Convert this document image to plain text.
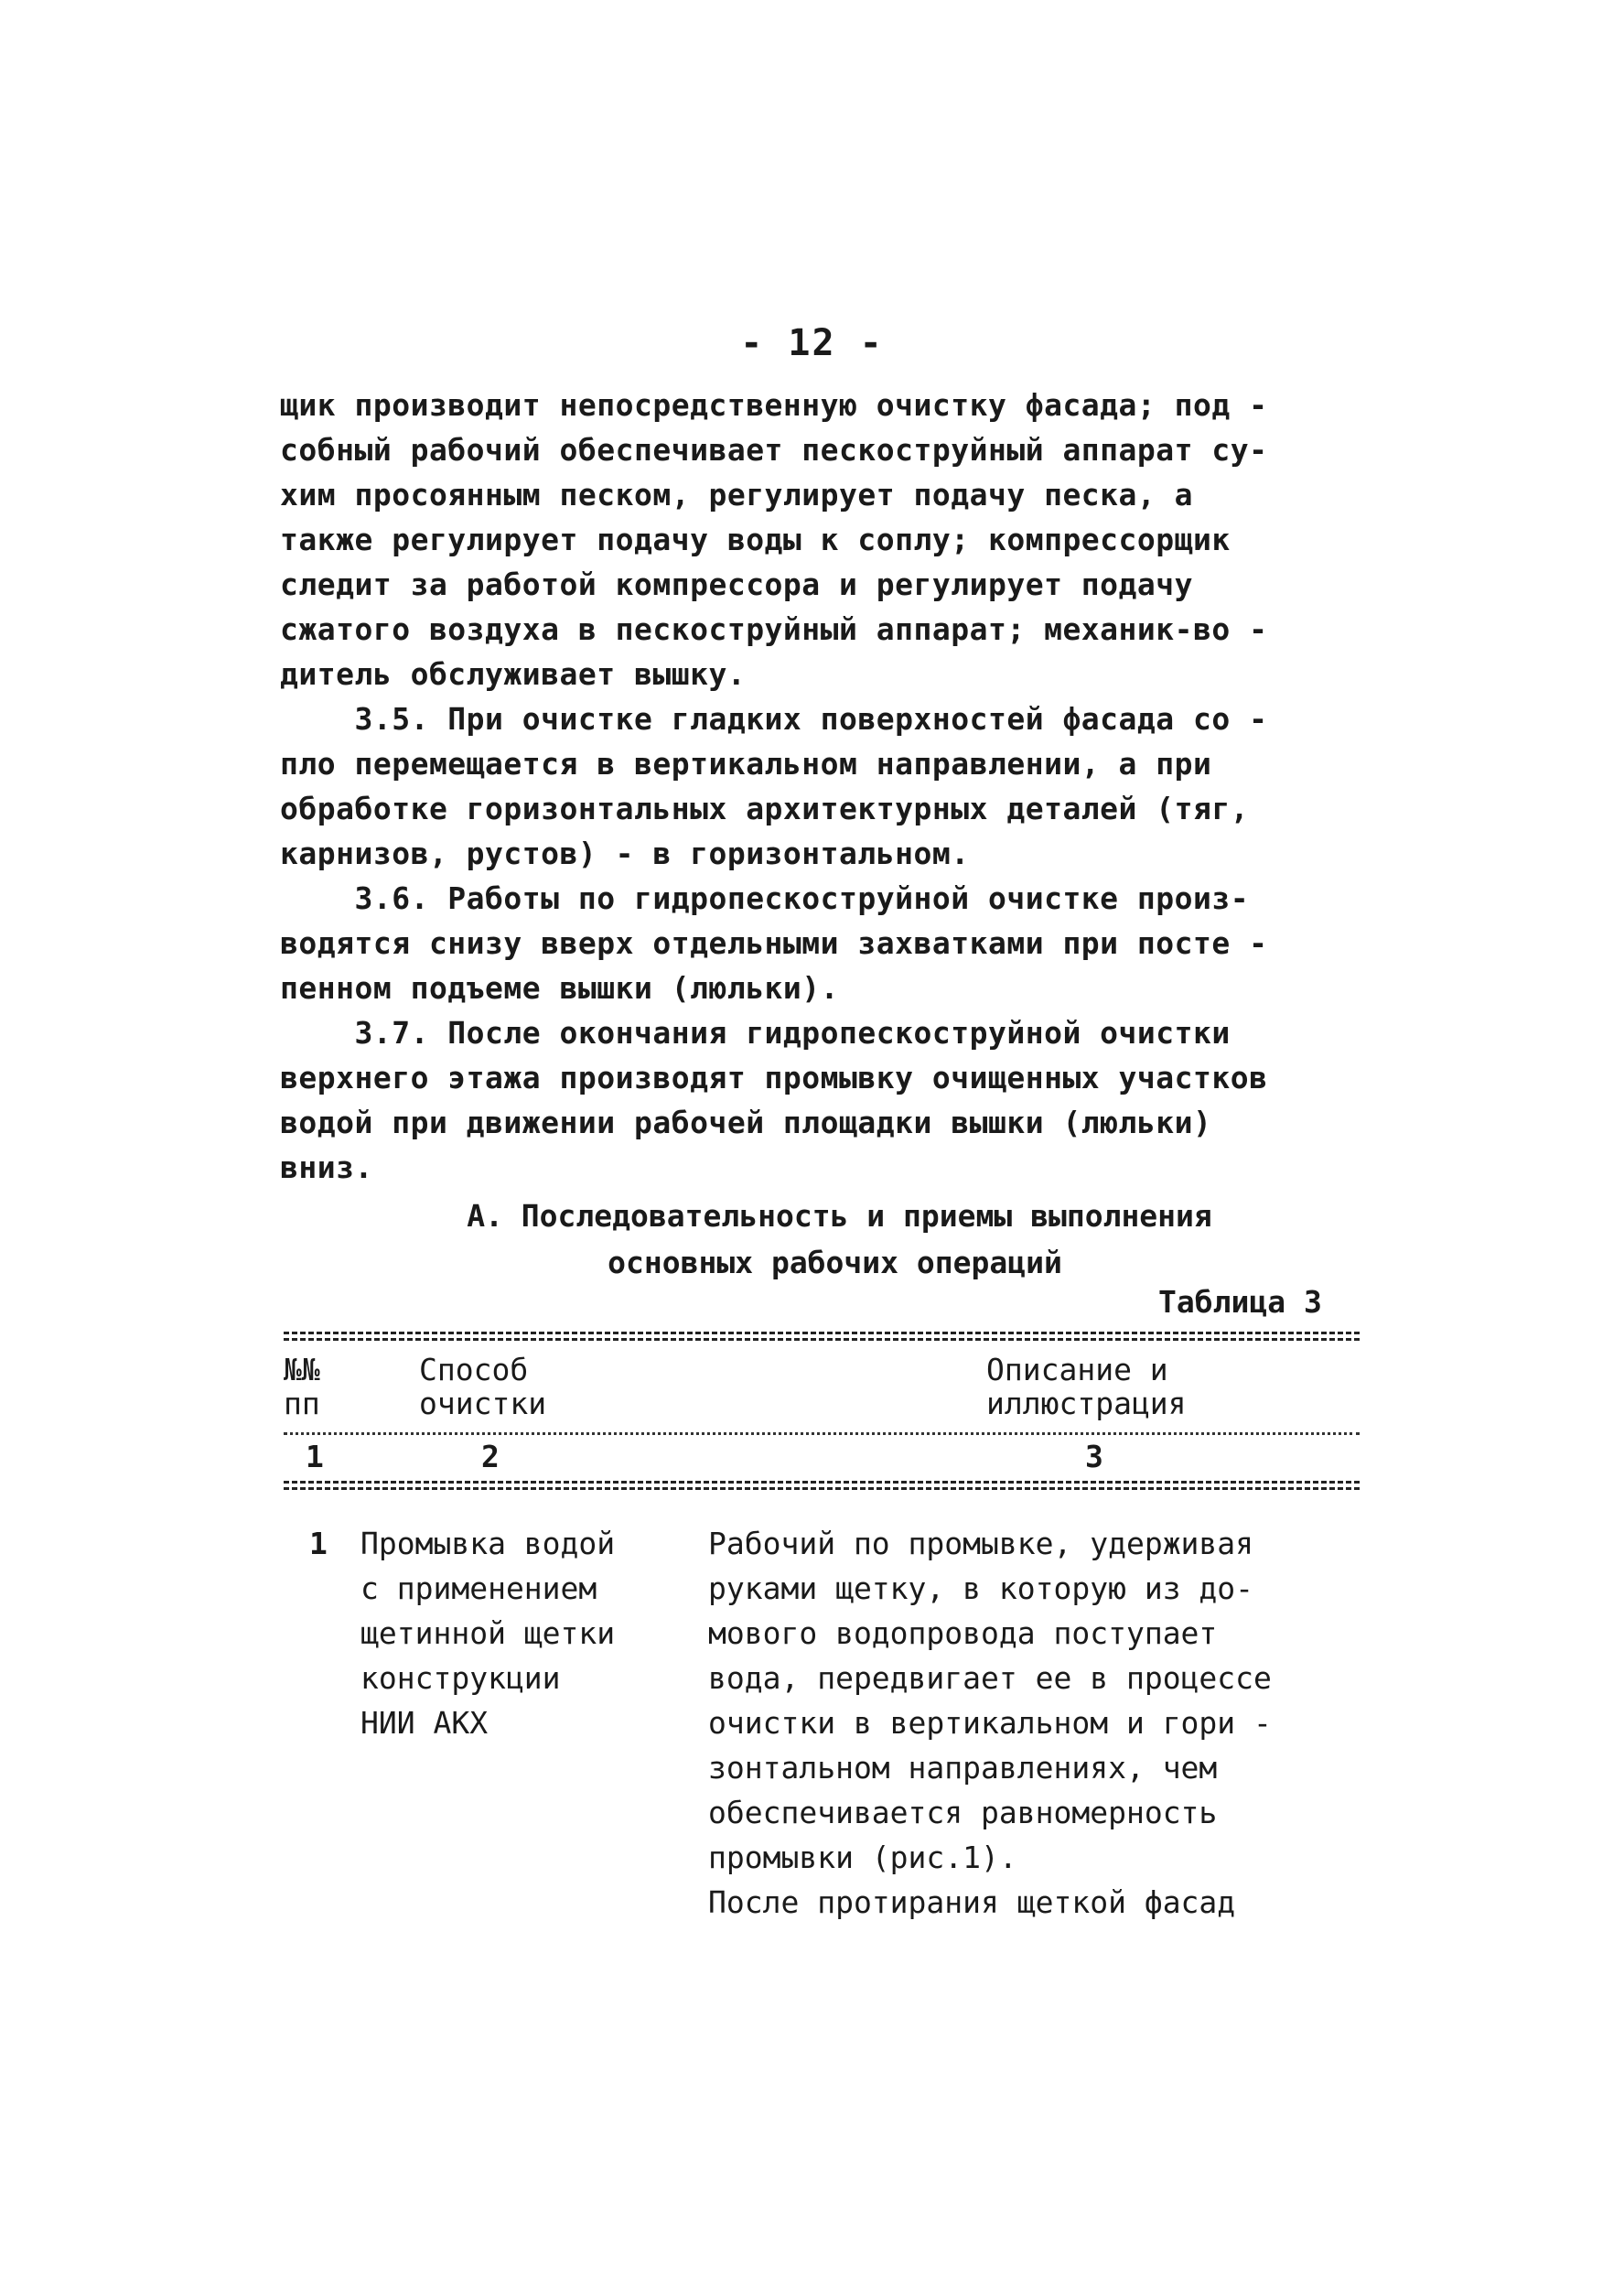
- 12 -
щик производит непосредственную очистку фасада; под -
собный рабочий обеспечивает пескоструйный аппарат су-
хим просоянным песком, регулирует подачу песка, а
также регулирует подачу воды к соплу; компрессорщик
следит за работой компрессора и регулирует подачу
сжатого воздуха в пескоструйный аппарат; механик-во -
дитель обслуживает вышку.
3.5. При очистке гладких поверхностей фасада со -
пло перемещается в вертикальном направлении, а при
обработке горизонтальных архитектурных деталей (тяг,
карнизов, рустов) - в горизонтальном.
3.6. Работы по гидропескоструйной очистке произ-
водятся снизу вверх отдельными захватками при посте -
пенном подъеме вышки (люльки).
3.7. После окончания гидропескоструйной очистки
верхнего этажа производят промывку очищенных участков
водой при движении рабочей площадки вышки (люльки)
вниз.
А. Последовательность и приемы выполнения
основных рабочих операций
Таблица 3
№№
пп
Способ
очистки
Описание и
иллюстрация
1	2	3
1 Промывка водой
с применением
щетинной щетки
конструкции
НИИ АКХ
Рабочий по промывке, удерживая
руками щетку, в которую из до-
мового водопровода поступает
вода, передвигает ее в процессе
очистки в вертикальном и гори -
зонтальном направлениях, чем
обеспечивается равномерность
промывки (рис.1).
После протирания щеткой фасад
